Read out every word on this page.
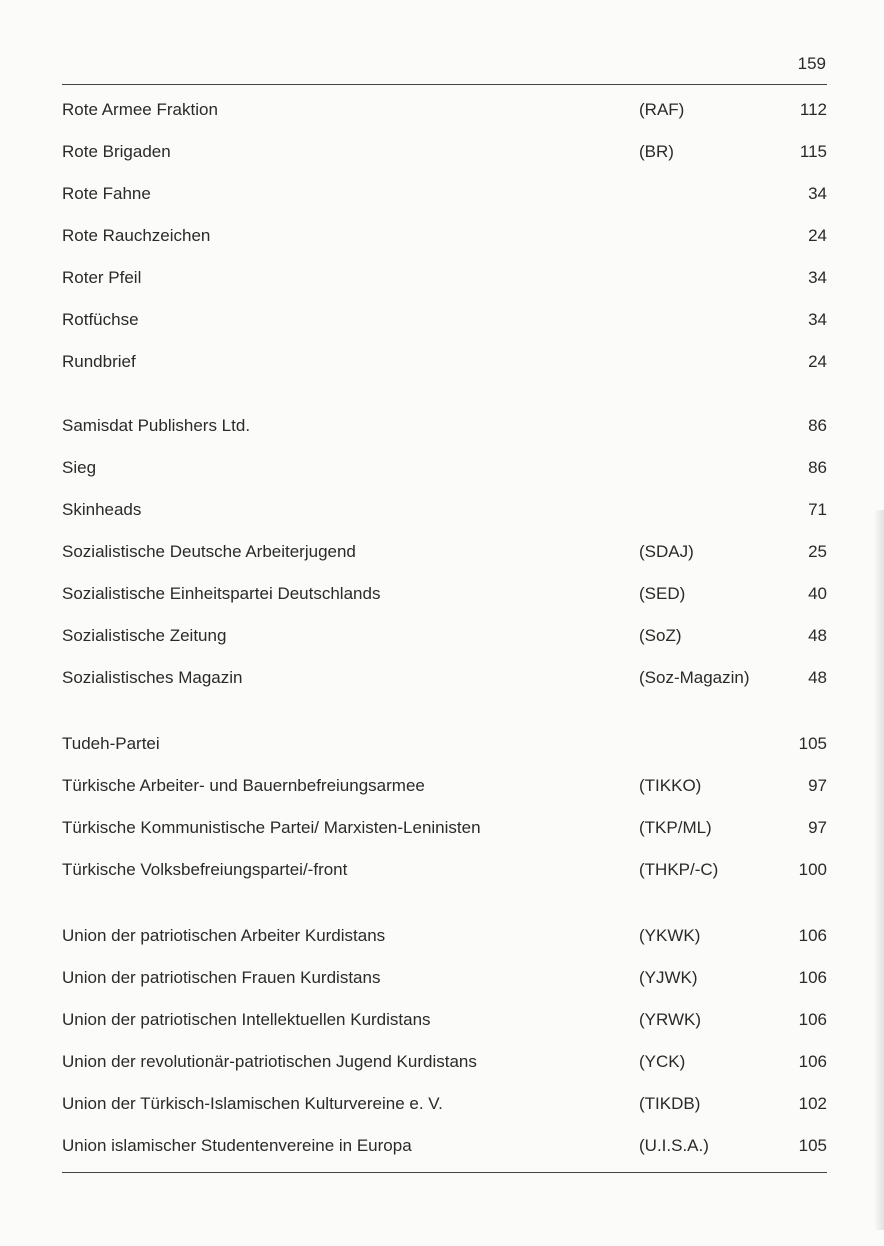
159
Rote Armee Fraktion	(RAF)	112
Rote Brigaden	(BR)	115
Rote Fahne	34
Rote Rauchzeichen	24
Roter Pfeil	34
Rotfüchse	34
Rundbrief	24
Samisdat Publishers Ltd.	86
Sieg	86
Skinheads	71
Sozialistische Deutsche Arbeiterjugend	(SDAJ)	25
Sozialistische Einheitspartei Deutschlands	(SED)	40
Sozialistische Zeitung	(SoZ)	48
Sozialistisches Magazin	(Soz-Magazin)	48
Tudeh-Partei	105
Türkische Arbeiter- und Bauernbefreiungsarmee	(TIKKO)	97
Türkische Kommunistische Partei/ Marxisten-Leninisten	(TKP/ML)	97
Türkische Volksbefreiungspartei/-front	(THKP/-C)	100
Union der patriotischen Arbeiter Kurdistans	(YKWK)	106
Union der patriotischen Frauen Kurdistans	(YJWK)	106
Union der patriotischen Intellektuellen Kurdistans	(YRWK)	106
Union der revolutionär-patriotischen Jugend Kurdistans	(YCK)	106
Union der Türkisch-Islamischen Kulturvereine e. V.	(TIKDB)	102
Union islamischer Studentenvereine in Europa	(U.I.S.A.)	105
